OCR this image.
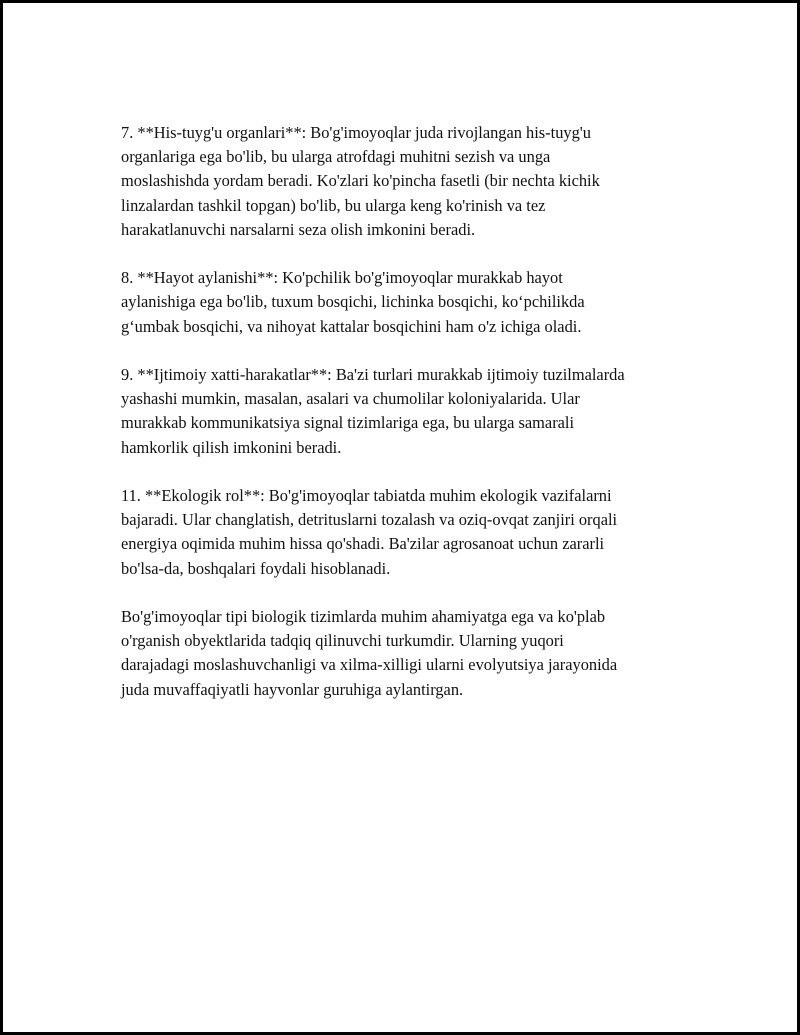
7. **His-tuyg'u organlari**: Bo'g'imoyoqlar juda rivojlangan his-tuyg'u
organlariga ega bo'lib, bu ularga atrofdagi muhitni sezish va unga
moslashishda yordam beradi. Ko'zlari ko'pincha fasetli (bir nechta kichik
linzalardan tashkil topgan) bo'lib, bu ularga keng ko'rinish va tez
harakatlanuvchi narsalarni seza olish imkonini beradi.

8. **Hayot aylanishi**: Ko'pchilik bo'g'imoyoqlar murakkab hayot
aylanishiga ega bo'lib, tuxum bosqichi, lichinka bosqichi, ko‘pchilikda
g‘umbak bosqichi, va nihoyat kattalar bosqichini ham o'z ichiga oladi.

9. **Ijtimoiy xatti-harakatlar**: Ba'zi turlari murakkab ijtimoiy tuzilmalarda
yashashi mumkin, masalan, asalari va chumolilar koloniyalarida. Ular
murakkab kommunikatsiya signal tizimlariga ega, bu ularga samarali
hamkorlik qilish imkonini beradi.

11. **Ekologik rol**: Bo'g'imoyoqlar tabiatda muhim ekologik vazifalarni
bajaradi. Ular changlatish, detrituslarni tozalash va oziq-ovqat zanjiri orqali
energiya oqimida muhim hissa qo'shadi. Ba'zilar agrosanoat uchun zararli
bo'lsa-da, boshqalari foydali hisoblanadi.

Bo'g'imoyoqlar tipi biologik tizimlarda muhim ahamiyatga ega va ko'plab
o'rganish obyektlarida tadqiq qilinuvchi turkumdir. Ularning yuqori
darajadagi moslashuvchanligi va xilma-xilligi ularni evolyutsiya jarayonida
juda muvaffaqiyatli hayvonlar guruhiga aylantirgan.
